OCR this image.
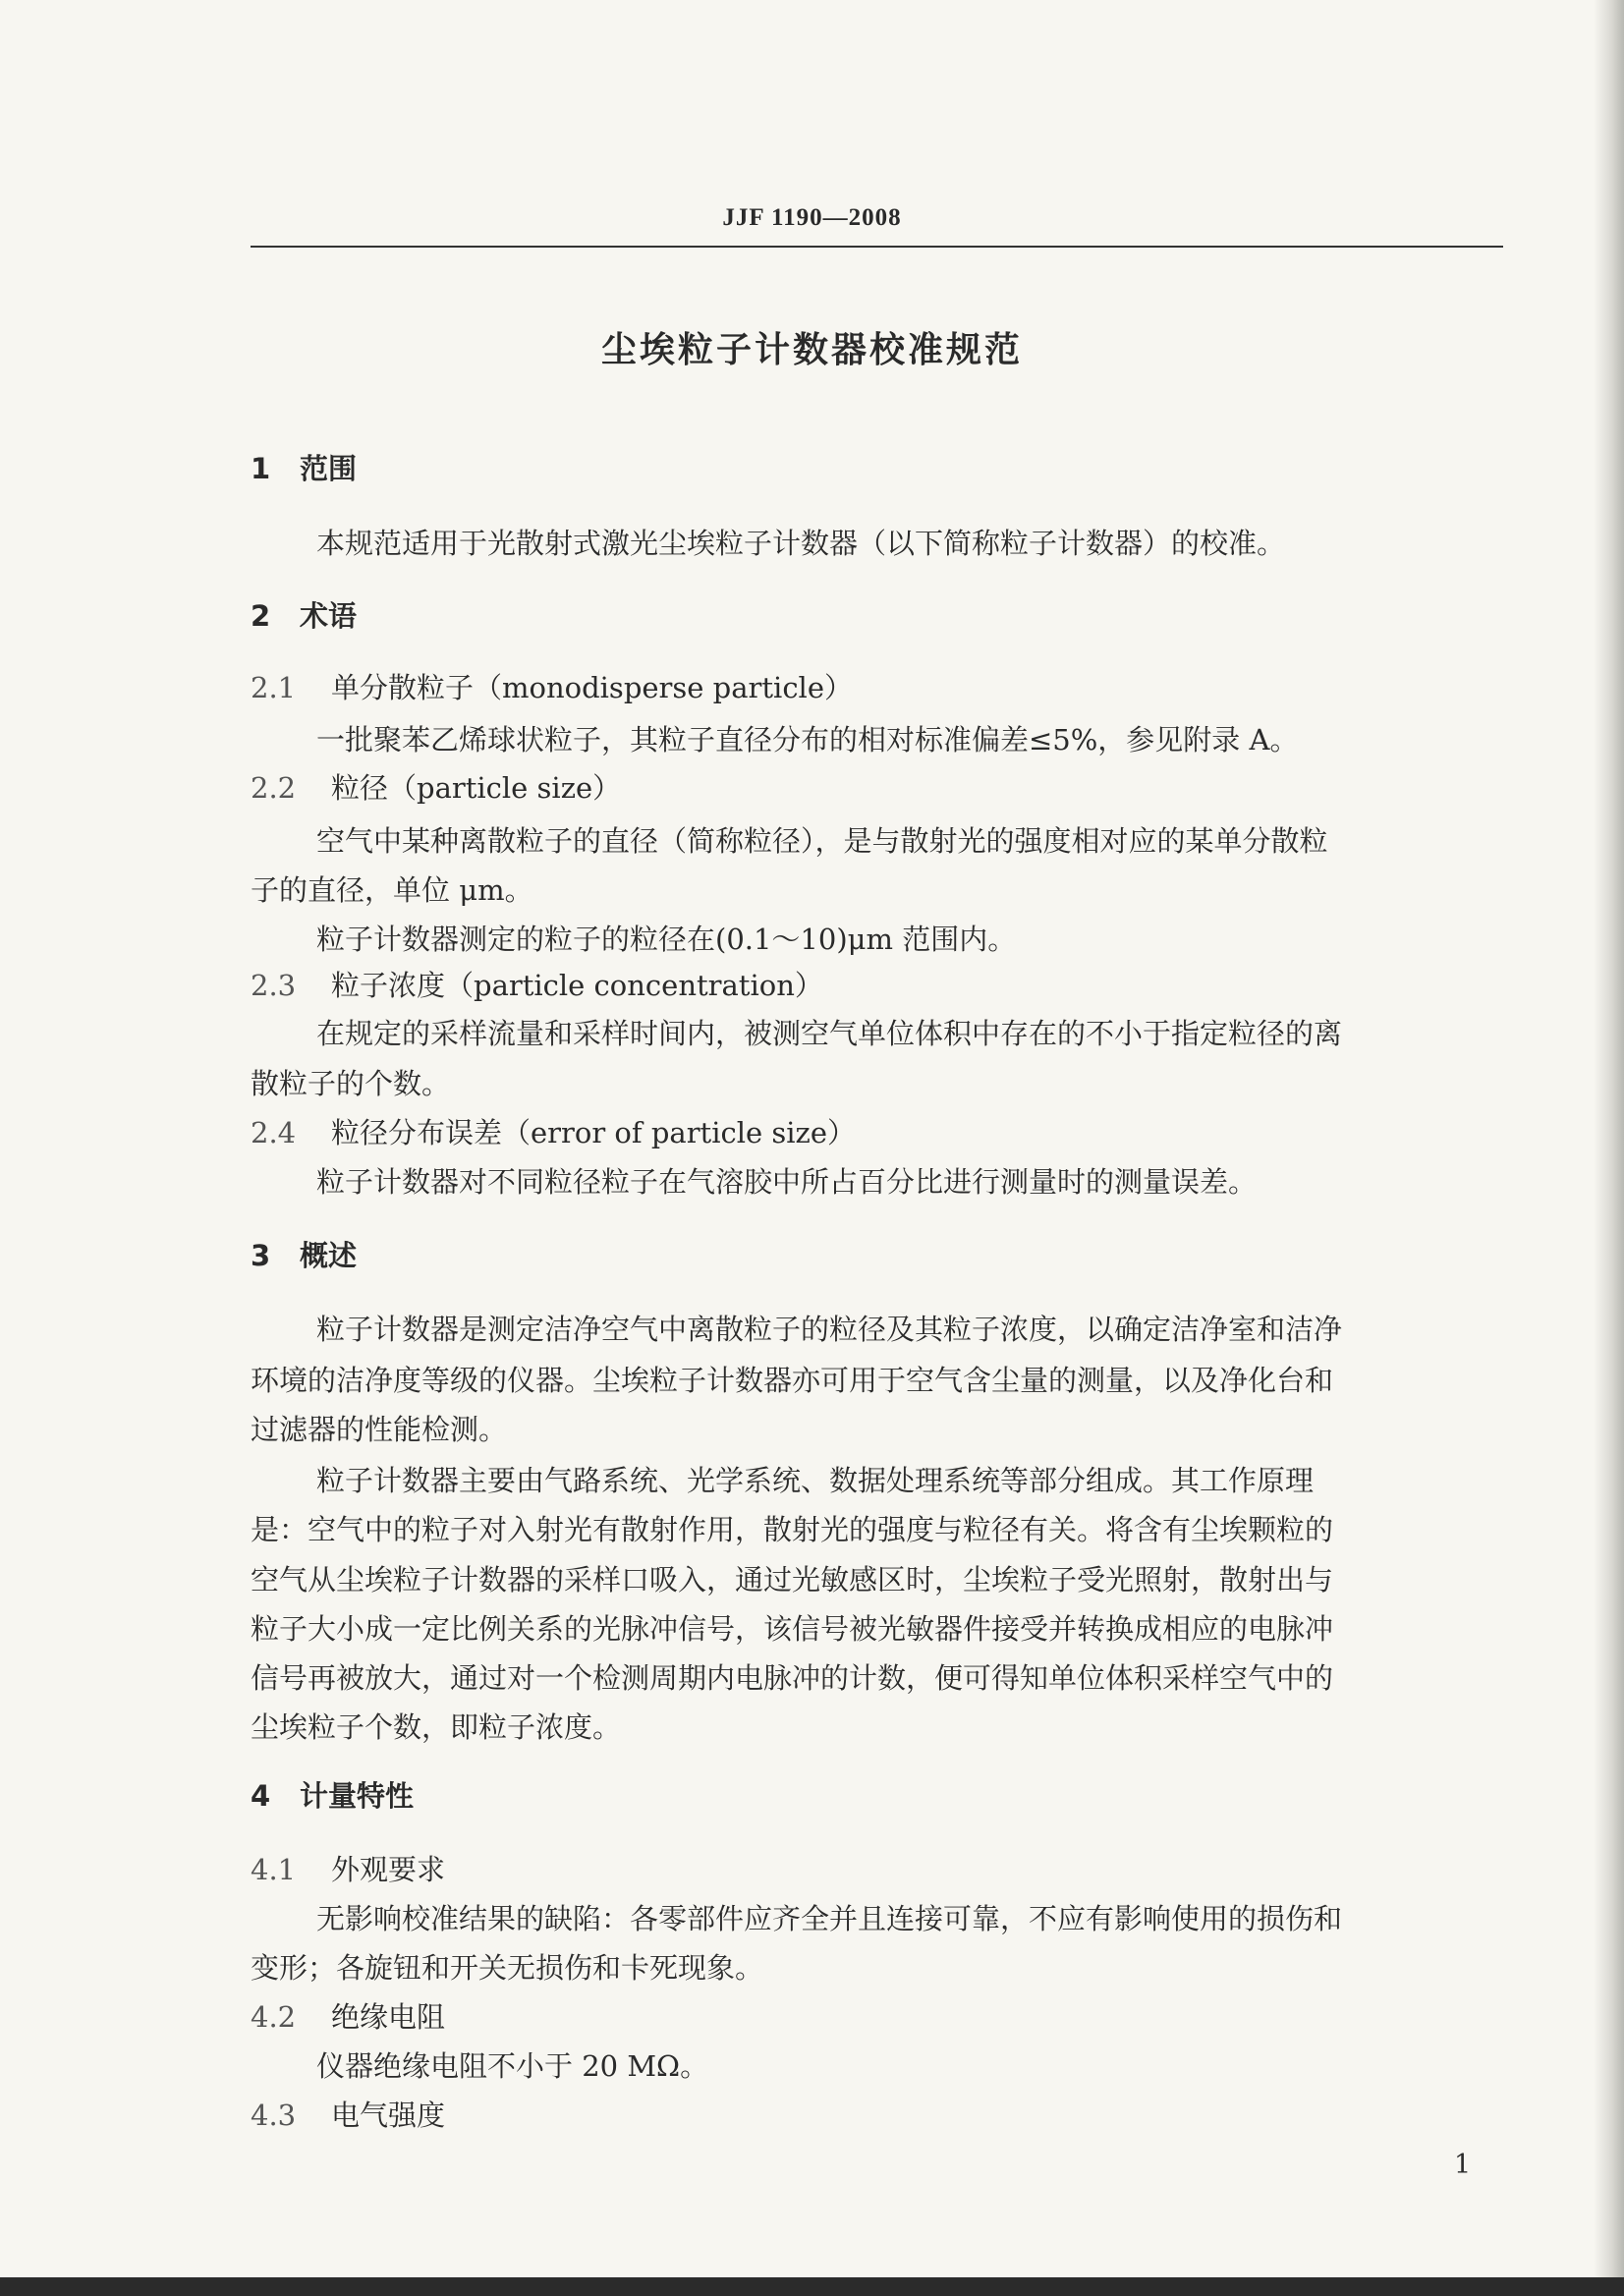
JJF 1190—2008
尘埃粒子计数器校准规范
1 范围
本规范适用于光散射式激光尘埃粒子计数器（以下简称粒子计数器）的校准。
2 术语
2.1 单分散粒子（monodisperse particle）
一批聚苯乙烯球状粒子，其粒子直径分布的相对标准偏差≤5%，参见附录 A。
2.2 粒径（particle size）
空气中某种离散粒子的直径（简称粒径），是与散射光的强度相对应的某单分散粒
子的直径，单位 μm。
粒子计数器测定的粒子的粒径在(0.1～10)μm 范围内。
2.3 粒子浓度（particle concentration）
在规定的采样流量和采样时间内，被测空气单位体积中存在的不小于指定粒径的离
散粒子的个数。
2.4 粒径分布误差（error of particle size）
粒子计数器对不同粒径粒子在气溶胶中所占百分比进行测量时的测量误差。
3 概述
粒子计数器是测定洁净空气中离散粒子的粒径及其粒子浓度，以确定洁净室和洁净
环境的洁净度等级的仪器。尘埃粒子计数器亦可用于空气含尘量的测量，以及净化台和
过滤器的性能检测。
粒子计数器主要由气路系统、光学系统、数据处理系统等部分组成。其工作原理
是：空气中的粒子对入射光有散射作用，散射光的强度与粒径有关。将含有尘埃颗粒的
空气从尘埃粒子计数器的采样口吸入，通过光敏感区时，尘埃粒子受光照射，散射出与
粒子大小成一定比例关系的光脉冲信号，该信号被光敏器件接受并转换成相应的电脉冲
信号再被放大，通过对一个检测周期内电脉冲的计数，便可得知单位体积采样空气中的
尘埃粒子个数，即粒子浓度。
4 计量特性
4.1 外观要求
无影响校准结果的缺陷：各零部件应齐全并且连接可靠，不应有影响使用的损伤和
变形；各旋钮和开关无损伤和卡死现象。
4.2 绝缘电阻
仪器绝缘电阻不小于 20 MΩ。
4.3 电气强度
1
